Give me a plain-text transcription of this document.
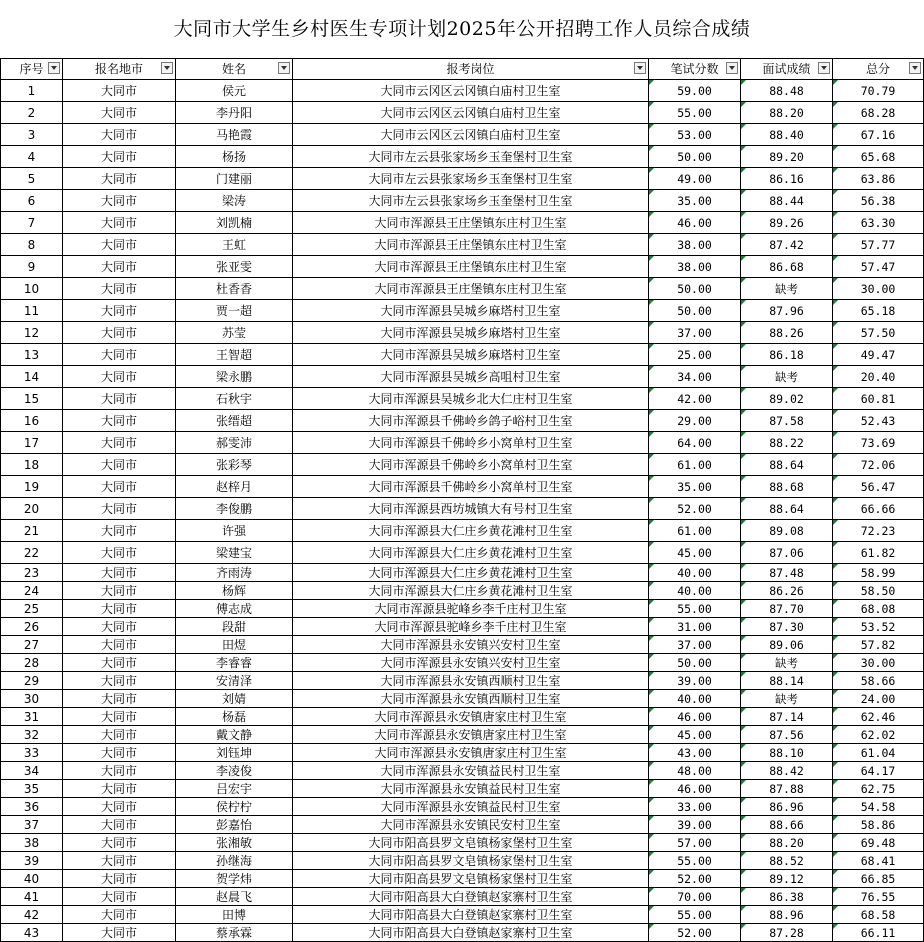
大同市大学生乡村医生专项计划2025年公开招聘工作人员综合成绩
序号	报名地市	姓名	报考岗位	笔试分数	面试成绩	总分

1	大同市	侯元	大同市云冈区云冈镇白庙村卫生室	59.00	88.48	70.79
2	大同市	李丹阳	大同市云冈区云冈镇白庙村卫生室	55.00	88.20	68.28
3	大同市	马艳霞	大同市云冈区云冈镇白庙村卫生室	53.00	88.40	67.16
4	大同市	杨扬	大同市左云县张家场乡玉奎堡村卫生室	50.00	89.20	65.68
5	大同市	门建丽	大同市左云县张家场乡玉奎堡村卫生室	49.00	86.16	63.86
6	大同市	梁涛	大同市左云县张家场乡玉奎堡村卫生室	35.00	88.44	56.38
7	大同市	刘凯楠	大同市浑源县王庄堡镇东庄村卫生室	46.00	89.26	63.30
8	大同市	王虹	大同市浑源县王庄堡镇东庄村卫生室	38.00	87.42	57.77
9	大同市	张亚雯	大同市浑源县王庄堡镇东庄村卫生室	38.00	86.68	57.47
10	大同市	杜香香	大同市浑源县王庄堡镇东庄村卫生室	50.00	缺考	30.00
11	大同市	贾一超	大同市浑源县吴城乡麻塔村卫生室	50.00	87.96	65.18
12	大同市	苏莹	大同市浑源县吴城乡麻塔村卫生室	37.00	88.26	57.50
13	大同市	王智超	大同市浑源县吴城乡麻塔村卫生室	25.00	86.18	49.47
14	大同市	梁永鹏	大同市浑源县吴城乡高咀村卫生室	34.00	缺考	20.40
15	大同市	石秋宇	大同市浑源县吴城乡北大仁庄村卫生室	42.00	89.02	60.81
16	大同市	张缙超	大同市浑源县千佛岭乡鸽子峪村卫生室	29.00	87.58	52.43
17	大同市	郝雯沛	大同市浑源县千佛岭乡小窝单村卫生室	64.00	88.22	73.69
18	大同市	张彩琴	大同市浑源县千佛岭乡小窝单村卫生室	61.00	88.64	72.06
19	大同市	赵梓月	大同市浑源县千佛岭乡小窝单村卫生室	35.00	88.68	56.47
20	大同市	李俊鹏	大同市浑源县西坊城镇大有号村卫生室	52.00	88.64	66.66
21	大同市	许强	大同市浑源县大仁庄乡黄花滩村卫生室	61.00	89.08	72.23
22	大同市	梁建宝	大同市浑源县大仁庄乡黄花滩村卫生室	45.00	87.06	61.82
23	大同市	齐雨涛	大同市浑源县大仁庄乡黄花滩村卫生室	40.00	87.48	58.99
24	大同市	杨辉	大同市浑源县大仁庄乡黄花滩村卫生室	40.00	86.26	58.50
25	大同市	傅志成	大同市浑源县驼峰乡李千庄村卫生室	55.00	87.70	68.08
26	大同市	段甜	大同市浑源县驼峰乡李千庄村卫生室	31.00	87.30	53.52
27	大同市	田煜	大同市浑源县永安镇兴安村卫生室	37.00	89.06	57.82
28	大同市	李睿睿	大同市浑源县永安镇兴安村卫生室	50.00	缺考	30.00
29	大同市	安清泽	大同市浑源县永安镇西顺村卫生室	39.00	88.14	58.66
30	大同市	刘婧	大同市浑源县永安镇西顺村卫生室	40.00	缺考	24.00
31	大同市	杨磊	大同市浑源县永安镇唐家庄村卫生室	46.00	87.14	62.46
32	大同市	戴文静	大同市浑源县永安镇唐家庄村卫生室	45.00	87.56	62.02
33	大同市	刘钰坤	大同市浑源县永安镇唐家庄村卫生室	43.00	88.10	61.04
34	大同市	李凌俊	大同市浑源县永安镇益民村卫生室	48.00	88.42	64.17
35	大同市	吕宏宇	大同市浑源县永安镇益民村卫生室	46.00	87.88	62.75
36	大同市	侯柠柠	大同市浑源县永安镇益民村卫生室	33.00	86.96	54.58
37	大同市	彭嘉怡	大同市浑源县永安镇民安村卫生室	39.00	88.66	58.86
38	大同市	张湘敏	大同市阳高县罗文皂镇杨家堡村卫生室	57.00	88.20	69.48
39	大同市	孙继海	大同市阳高县罗文皂镇杨家堡村卫生室	55.00	88.52	68.41
40	大同市	贺学炜	大同市阳高县罗文皂镇杨家堡村卫生室	52.00	89.12	66.85
41	大同市	赵晨飞	大同市阳高县大白登镇赵家寨村卫生室	70.00	86.38	76.55
42	大同市	田博	大同市阳高县大白登镇赵家寨村卫生室	55.00	88.96	68.58
43	大同市	蔡承霖	大同市阳高县大白登镇赵家寨村卫生室	52.00	87.28	66.11
